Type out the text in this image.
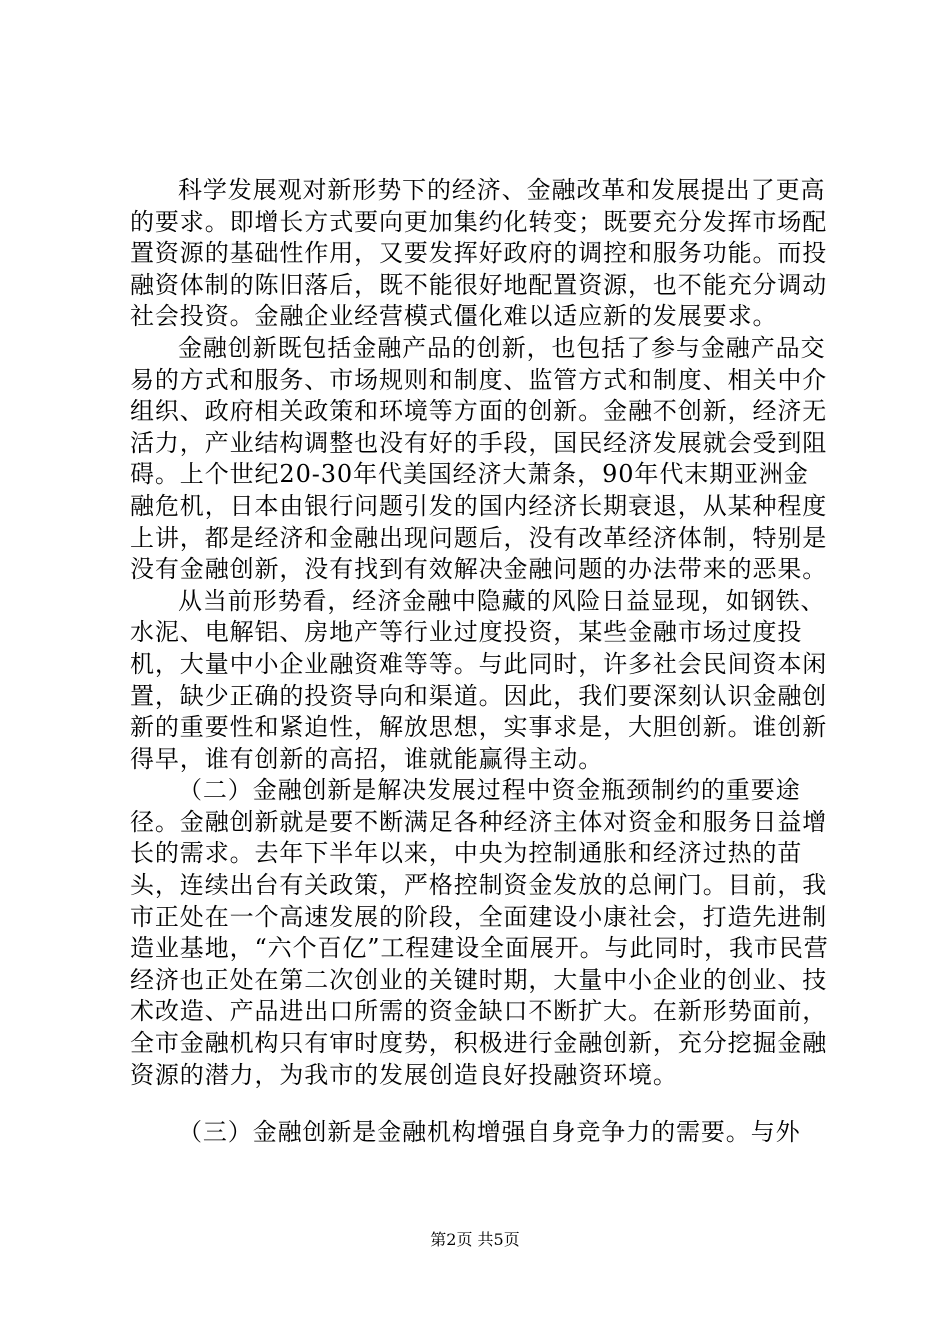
科学发展观对新形势下的经济、金融改革和发展提出了更高的要求。即增长方式要向更加集约化转变；既要充分发挥市场配置资源的基础性作用，又要发挥好政府的调控和服务功能。而投融资体制的陈旧落后，既不能很好地配置资源，也不能充分调动社会投资。金融企业经营模式僵化难以适应新的发展要求。

金融创新既包括金融产品的创新，也包括了参与金融产品交易的方式和服务、市场规则和制度、监管方式和制度、相关中介组织、政府相关政策和环境等方面的创新。金融不创新，经济无活力，产业结构调整也没有好的手段，国民经济发展就会受到阻碍。上个世纪20-30年代美国经济大萧条，90年代末期亚洲金融危机，日本由银行问题引发的国内经济长期衰退，从某种程度上讲，都是经济和金融出现问题后，没有改革经济体制，特别是没有金融创新，没有找到有效解决金融问题的办法带来的恶果。

从当前形势看，经济金融中隐藏的风险日益显现，如钢铁、水泥、电解铝、房地产等行业过度投资，某些金融市场过度投机，大量中小企业融资难等等。与此同时，许多社会民间资本闲置，缺少正确的投资导向和渠道。因此，我们要深刻认识金融创新的重要性和紧迫性，解放思想，实事求是，大胆创新。谁创新得早，谁有创新的高招，谁就能赢得主动。

（二）金融创新是解决发展过程中资金瓶颈制约的重要途径。金融创新就是要不断满足各种经济主体对资金和服务日益增长的需求。去年下半年以来，中央为控制通胀和经济过热的苗头，连续出台有关政策，严格控制资金发放的总闸门。目前，我市正处在一个高速发展的阶段，全面建设小康社会，打造先进制造业基地，“六个百亿”工程建设全面展开。与此同时，我市民营经济也正处在第二次创业的关键时期，大量中小企业的创业、技术改造、产品进出口所需的资金缺口不断扩大。在新形势面前，全市金融机构只有审时度势，积极进行金融创新，充分挖掘金融资源的潜力，为我市的发展创造良好投融资环境。

（三）金融创新是金融机构增强自身竞争力的需要。与外

第2页 共5页
